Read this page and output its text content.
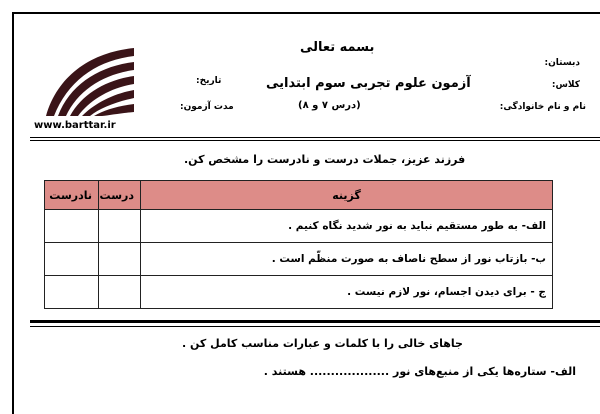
www.barttar.ir
بسمه تعالی
آزمون علوم تجربی سوم ابتدایی
(درس ۷ و ۸)
دبستان:
کلاس:
نام و نام خانوادگی:
تاریخ:
مدت آزمون:
فرزند عزیز، جملات درست و نادرست را مشخص کن.
گزینه	درست	نادرست
الف- به طور مستقیم نباید به نور شدید نگاه کنیم .		
ب- بازتاب نور از سطح ناصاف به صورت منظّم است .		
ج - برای دیدن اجسام، نور لازم نیست .		
جاهای خالی را با کلمات و عبارات مناسب کامل کن .
الف- ستاره‌ها یکی از منبع‌های نور ................... هستند .
